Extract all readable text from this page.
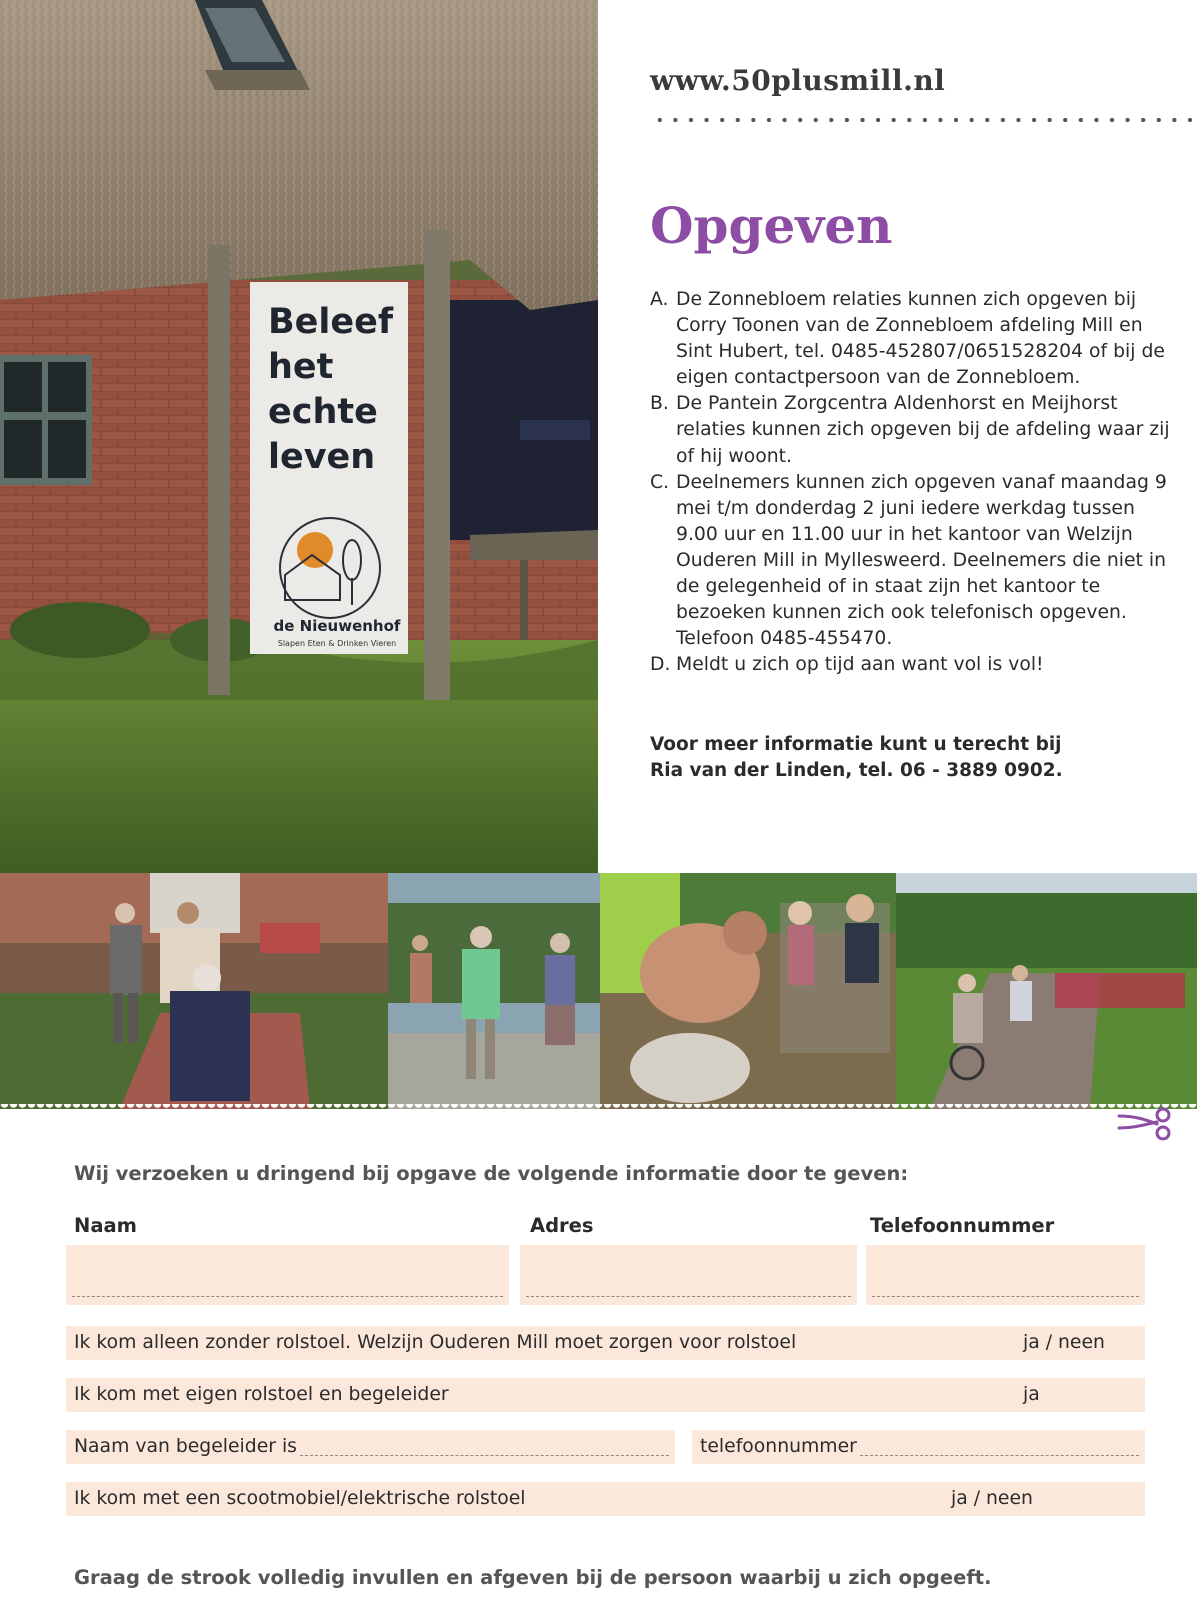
Beleef
het
echte
leven
de Nieuwenhof
Slapen Eten & Drinken Vieren
www.50plusmill.nl
Opgeven
A. De Zonnebloem relaties kunnen zich opgeven bij Corry Toonen van de Zonnebloem afdeling Mill en Sint Hubert, tel. 0485-452807/0651528204 of bij de eigen contactpersoon van de Zonnebloem.
B. De Pantein Zorgcentra Aldenhorst en Meijhorst relaties kunnen zich opgeven bij de afdeling waar zij of hij woont.
C. Deelnemers kunnen zich opgeven vanaf maandag 9 mei t/m donderdag 2 juni iedere werkdag tussen 9.00 uur en 11.00 uur in het kantoor van Welzijn Ouderen Mill in Myllesweerd. Deelnemers die niet in de gelegenheid of in staat zijn het kantoor te bezoeken kunnen zich ook telefonisch opgeven. Telefoon 0485-455470.
D. Meldt u zich op tijd aan want vol is vol!
Voor meer informatie kunt u terecht bij
Ria van der Linden, tel. 06 - 3889 0902.
Wij verzoeken u dringend bij opgave de volgende informatie door te geven:
Naam	Adres	Telefoonnummer
Ik kom alleen zonder rolstoel. Welzijn Ouderen Mill moet zorgen voor rolstoel	ja / neen
Ik kom met eigen rolstoel en begeleider	ja
Naam van begeleider is	telefoonnummer
Ik kom met een scootmobiel/elektrische rolstoel	ja / neen
Graag de strook volledig invullen en afgeven bij de persoon waarbij u zich opgeeft.
